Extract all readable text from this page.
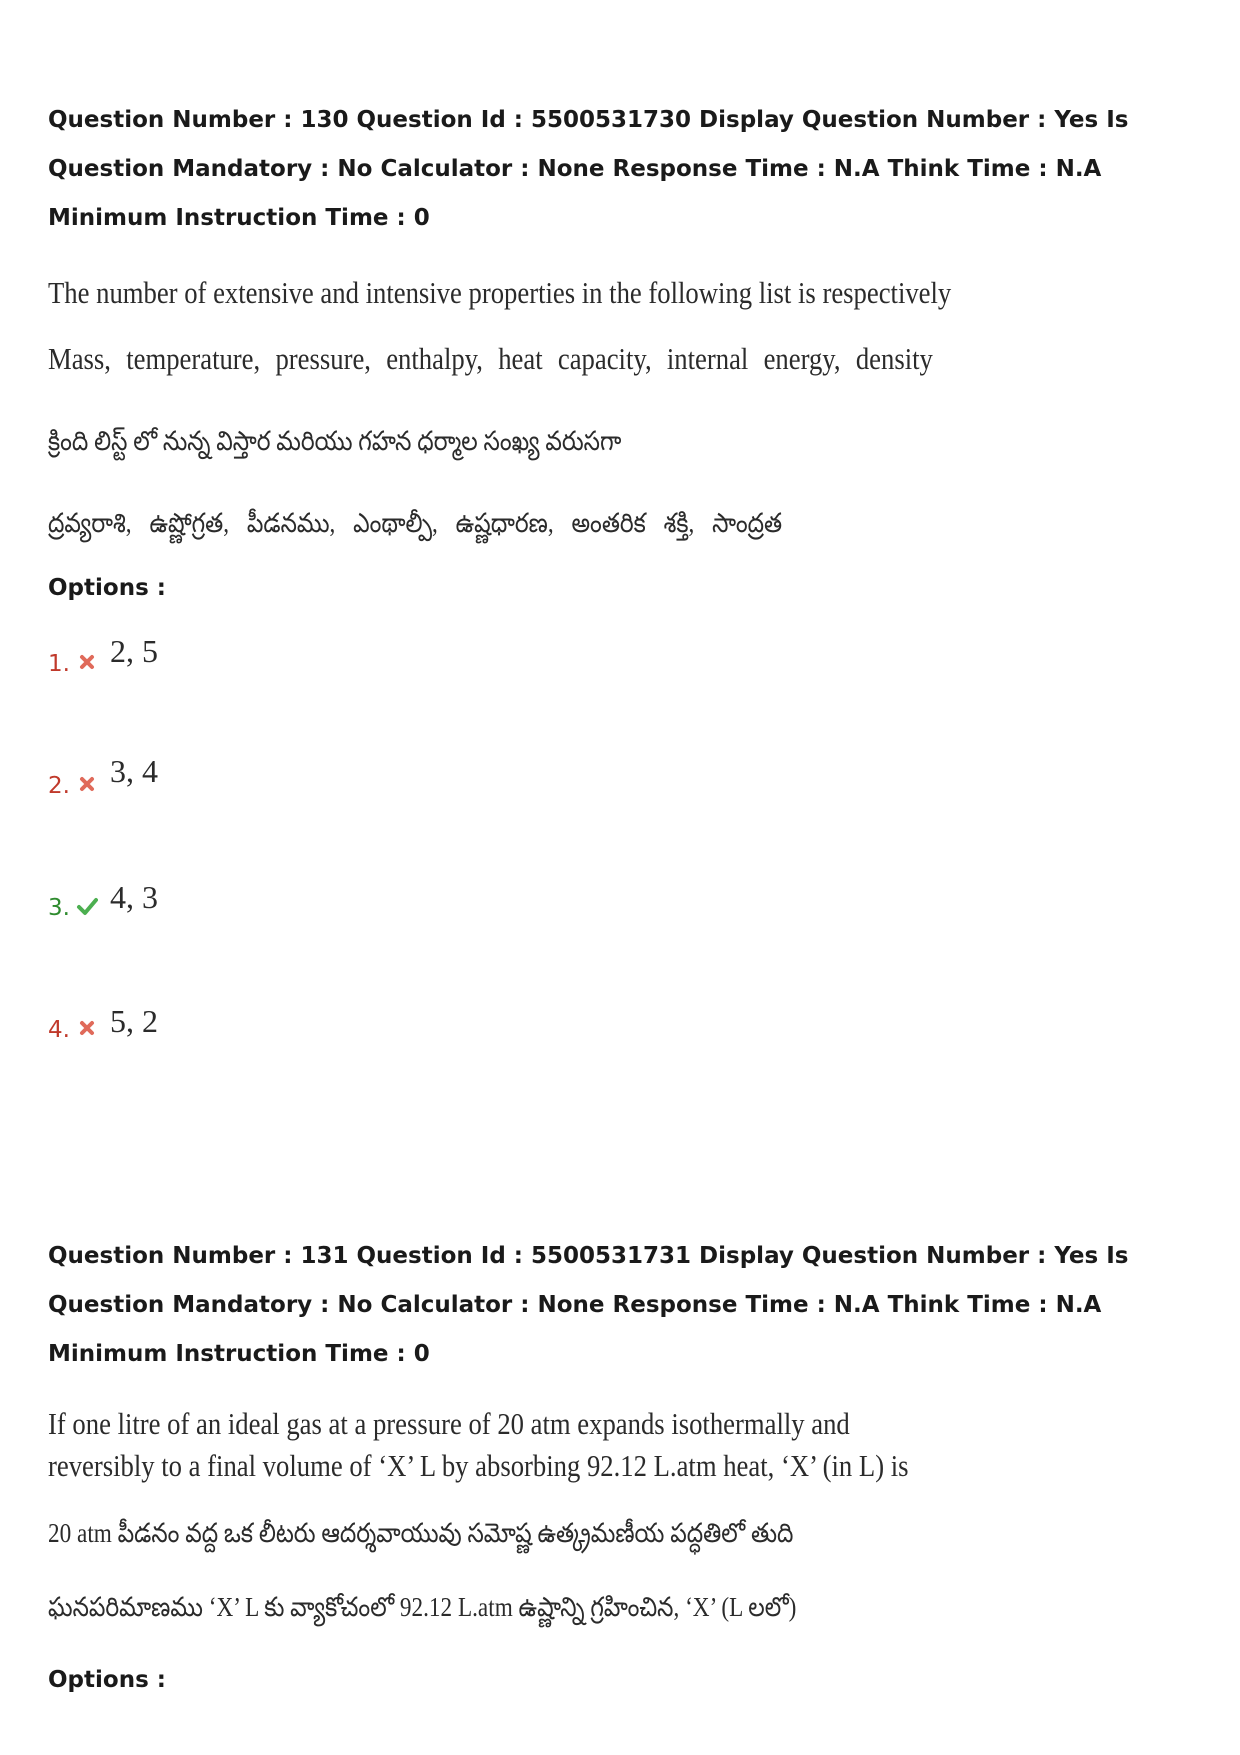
Question Number : 130 Question Id : 5500531730 Display Question Number : Yes Is Question Mandatory : No Calculator : None Response Time : N.A Think Time : N.A Minimum Instruction Time : 0

The number of extensive and intensive properties in the following list is respectively
Mass, temperature, pressure, enthalpy, heat capacity, internal energy, density
క్రింది లిస్ట్ లో నున్న విస్తార మరియు గహన ధర్మాల సంఖ్య వరుసగా
ద్రవ్యరాశి, ఉష్ణోగ్రత, పీడనము, ఎంథాల్పీ, ఉష్ణధారణ, అంతరిక శక్తి, సాంద్రత
Options :
1. 2, 5
2. 3, 4
3. 4, 3
4. 5, 2

Question Number : 131 Question Id : 5500531731 Display Question Number : Yes Is Question Mandatory : No Calculator : None Response Time : N.A Think Time : N.A Minimum Instruction Time : 0

If one litre of an ideal gas at a pressure of 20 atm expands isothermally and
reversibly to a final volume of ‘X’ L by absorbing 92.12 L.atm heat, ‘X’ (in L) is
20 atm పీడనం వద్ద ఒక లీటరు ఆదర్శవాయువు సమోష్ణ ఉత్క్రమణీయ పద్ధతిలో తుది
ఘనపరిమాణము ‘X’ L కు వ్యాకోచంలో 92.12 L.atm ఉష్ణాన్ని గ్రహించిన, ‘X’ (L లలో)
Options :
